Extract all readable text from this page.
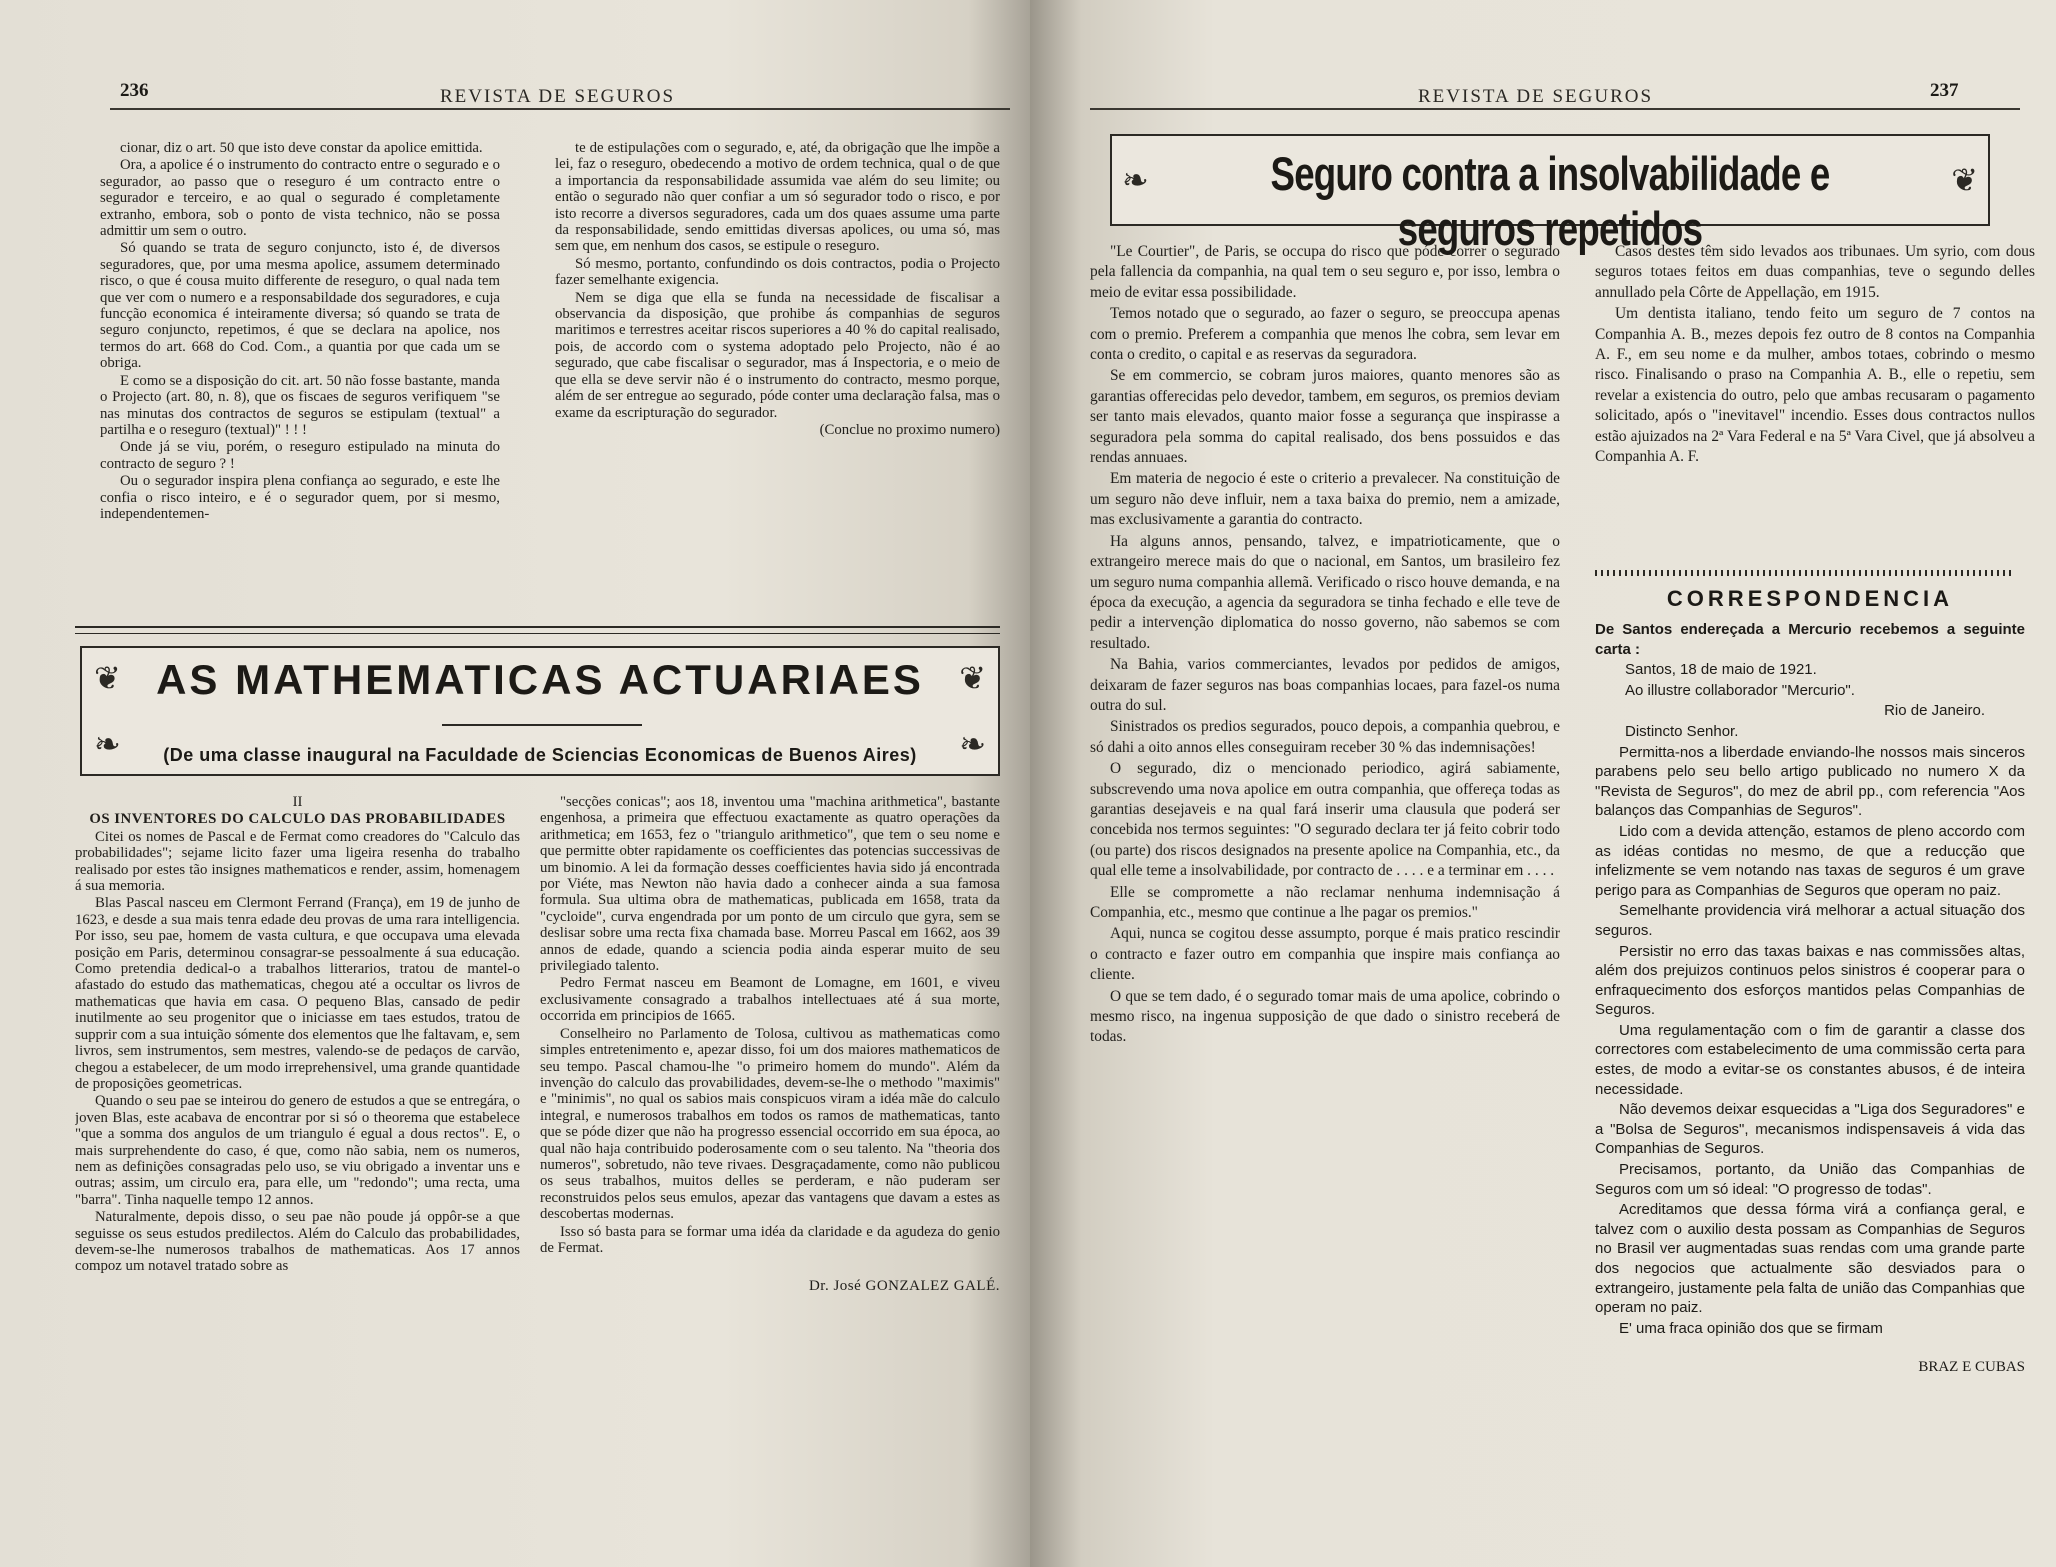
REVISTA DE SEGUROS
236

cionar, diz o art. 50 que isto deve constar da apolice emittida.

Ora, a apolice é o instrumento do contracto entre o segurado e o segurador, ao passo que o reseguro é um contracto entre o segurador e terceiro, e ao qual o segurado é completamente extranho, embora, sob o ponto de vista technico, não se possa admittir um sem o outro.

Só quando se trata de seguro conjuncto, isto é, de diversos seguradores, que, por uma mesma apolice, assumem determinado risco, o que é cousa muito differente de reseguro, o qual nada tem que ver com o numero e a responsabildade dos seguradores, e cuja funcção economica é inteiramente diversa; só quando se trata de seguro conjuncto, repetimos, é que se declara na apolice, nos termos do art. 668 do Cod. Com., a quantia por que cada um se obriga.

E como se a disposição do cit. art. 50 não fosse bastante, manda o Projecto (art. 80, n. 8), que os fiscaes de seguros verifiquem "se nas minutas dos contractos de seguros se estipulam (textual" a partilha e o reseguro (textual)" ! ! !

Onde já se viu, porém, o reseguro estipulado na minuta do contracto de seguro ? !

Ou o segurador inspira plena confiança ao segurado, e este lhe confia o risco inteiro, e é o segurador quem, por si mesmo, independentemen-

te de estipulações com o segurado, e, até, da obrigação que lhe impõe a lei, faz o reseguro, obedecendo a motivo de ordem technica, qual o de que a importancia da responsabilidade assumida vae além do seu limite; ou então o segurado não quer confiar a um só segurador todo o risco, e por isto recorre a diversos seguradores, cada um dos quaes assume uma parte da responsabilidade, sendo emittidas diversas apolices, ou uma só, mas sem que, em nenhum dos casos, se estipule o reseguro.

Só mesmo, portanto, confundindo os dois contractos, podia o Projecto fazer semelhante exigencia.

Nem se diga que ella se funda na necessidade de fiscalisar a observancia da disposição, que prohibe ás companhias de seguros maritimos e terrestres aceitar riscos superiores a 40 % do capital realisado, pois, de accordo com o systema adoptado pelo Projecto, não é ao segurado, que cabe fiscalisar o segurador, mas á Inspectoria, e o meio de que ella se deve servir não é o instrumento do contracto, mesmo porque, além de ser entregue ao segurado, póde conter uma declaração falsa, mas o exame da escripturação do segurador.

(Conclue no proximo numero)

❦
❧
❦
❧
AS MATHEMATICAS ACTUARIAES
(De uma classe inaugural na Faculdade de Sciencias Economicas de Buenos Aires)

II

OS INVENTORES DO CALCULO DAS PROBABILIDADES

Citei os nomes de Pascal e de Fermat como creadores do "Calculo das probabilidades"; sejame licito fazer uma ligeira resenha do trabalho realisado por estes tão insignes mathematicos e render, assim, homenagem á sua memoria.

Blas Pascal nasceu em Clermont Ferrand (França), em 19 de junho de 1623, e desde a sua mais tenra edade deu provas de uma rara intelligencia. Por isso, seu pae, homem de vasta cultura, e que occupava uma elevada posição em Paris, determinou consagrar-se pessoalmente á sua educação. Como pretendia dedical-o a trabalhos litterarios, tratou de mantel-o afastado do estudo das mathematicas, chegou até a occultar os livros de mathematicas que havia em casa. O pequeno Blas, cansado de pedir inutilmente ao seu progenitor que o iniciasse em taes estudos, tratou de supprir com a sua intuição sómente dos elementos que lhe faltavam, e, sem livros, sem instrumentos, sem mestres, valendo-se de pedaços de carvão, chegou a estabelecer, de um modo irreprehensivel, uma grande quantidade de proposições geometricas.

Quando o seu pae se inteirou do genero de estudos a que se entregára, o joven Blas, este acabava de encontrar por si só o theorema que estabelece "que a somma dos angulos de um triangulo é egual a dous rectos". E, o mais surprehendente do caso, é que, como não sabia, nem os numeros, nem as definições consagradas pelo uso, se viu obrigado a inventar uns e outras; assim, um circulo era, para elle, um "redondo"; uma recta, uma "barra". Tinha naquelle tempo 12 annos.

Naturalmente, depois disso, o seu pae não poude já oppôr-se a que seguisse os seus estudos predilectos. Além do Calculo das probabilidades, devem-se-lhe numerosos trabalhos de mathematicas. Aos 17 annos compoz um notavel tratado sobre as

"secções conicas"; aos 18, inventou uma "machina arithmetica", bastante engenhosa, a primeira que effectuou exactamente as quatro operações da arithmetica; em 1653, fez o "triangulo arithmetico", que tem o seu nome e que permitte obter rapidamente os coefficientes das potencias successivas de um binomio. A lei da formação desses coefficientes havia sido já encontrada por Viéte, mas Newton não havia dado a conhecer ainda a sua famosa formula. Sua ultima obra de mathematicas, publicada em 1658, trata da "cycloide", curva engendrada por um ponto de um circulo que gyra, sem se deslisar sobre uma recta fixa chamada base. Morreu Pascal em 1662, aos 39 annos de edade, quando a sciencia podia ainda esperar muito de seu privilegiado talento.

Pedro Fermat nasceu em Beamont de Lomagne, em 1601, e viveu exclusivamente consagrado a trabalhos intellectuaes até á sua morte, occorrida em principios de 1665.

Conselheiro no Parlamento de Tolosa, cultivou as mathematicas como simples entretenimento e, apezar disso, foi um dos maiores mathematicos de seu tempo. Pascal chamou-lhe "o primeiro homem do mundo". Além da invenção do calculo das provabilidades, devem-se-lhe o methodo "maximis" e "minimis", no qual os sabios mais conspicuos viram a idéa mãe do calculo integral, e numerosos trabalhos em todos os ramos de mathematicas, tanto que se póde dizer que não ha progresso essencial occorrido em sua época, ao qual não haja contribuido poderosamente com o seu talento. Na "theoria dos numeros", sobretudo, não teve rivaes. Desgraçadamente, como não publicou os seus trabalhos, muitos delles se perderam, e não puderam ser reconstruidos pelos seus emulos, apezar das vantagens que davam a estes as descobertas modernas.

Isso só basta para se formar uma idéa da claridade e da agudeza do genio de Fermat.

Dr. José GONZALEZ GALÉ.

REVISTA DE SEGUROS	237
❧	❦
Seguro contra a insolvabilidade e seguros repetidos

"Le Courtier", de Paris, se occupa do risco que póde correr o segurado pela fallencia da companhia, na qual tem o seu seguro e, por isso, lembra o meio de evitar essa possibilidade.

Temos notado que o segurado, ao fazer o seguro, se preoccupa apenas com o premio. Preferem a companhia que menos lhe cobra, sem levar em conta o credito, o capital e as reservas da seguradora.

Se em commercio, se cobram juros maiores, quanto menores são as garantias offerecidas pelo devedor, tambem, em seguros, os premios deviam ser tanto mais elevados, quanto maior fosse a segurança que inspirasse a seguradora pela somma do capital realisado, dos bens possuidos e das rendas annuaes.

Em materia de negocio é este o criterio a prevalecer. Na constituição de um seguro não deve influir, nem a taxa baixa do premio, nem a amizade, mas exclusivamente a garantia do contracto.

Ha alguns annos, pensando, talvez, e impatrioticamente, que o extrangeiro merece mais do que o nacional, em Santos, um brasileiro fez um seguro numa companhia allemã. Verificado o risco houve demanda, e na época da execução, a agencia da seguradora se tinha fechado e elle teve de pedir a intervenção diplomatica do nosso governo, não sabemos se com resultado.

Na Bahia, varios commerciantes, levados por pedidos de amigos, deixaram de fazer seguros nas boas companhias locaes, para fazel-os numa outra do sul.

Sinistrados os predios segurados, pouco depois, a companhia quebrou, e só dahi a oito annos elles conseguiram receber 30 % das indemnisações!

O segurado, diz o mencionado periodico, agirá sabiamente, subscrevendo uma nova apolice em outra companhia, que offereça todas as garantias desejaveis e na qual fará inserir uma clausula que poderá ser concebida nos termos seguintes: "O segurado declara ter já feito cobrir todo (ou parte) dos riscos designados na presente apolice na Companhia, etc., da qual elle teme a insolvabilidade, por contracto de . . . . e a terminar em . . . .

Elle se compromette a não reclamar nenhuma indemnisação á Companhia, etc., mesmo que continue a lhe pagar os premios."

Aqui, nunca se cogitou desse assumpto, porque é mais pratico rescindir o contracto e fazer outro em companhia que inspire mais confiança ao cliente.

O que se tem dado, é o segurado tomar mais de uma apolice, cobrindo o mesmo risco, na ingenua supposição de que dado o sinistro receberá de todas.

Casos destes têm sido levados aos tribunaes. Um syrio, com dous seguros totaes feitos em duas companhias, teve o segundo delles annullado pela Côrte de Appellação, em 1915.

Um dentista italiano, tendo feito um seguro de 7 contos na Companhia A. B., mezes depois fez outro de 8 contos na Companhia A. F., em seu nome e da mulher, ambos totaes, cobrindo o mesmo risco. Finalisando o praso na Companhia A. B., elle o repetiu, sem revelar a existencia do outro, pelo que ambas recusaram o pagamento solicitado, após o "inevitavel" incendio. Esses dous contractos nullos estão ajuizados na 2ª Vara Federal e na 5ª Vara Civel, que já absolveu a Companhia A. F.

CORRESPONDENCIA

De Santos endereçada a Mercurio recebemos a seguinte carta :

Santos, 18 de maio de 1921.

Ao illustre collaborador "Mercurio".

Rio de Janeiro.

Distincto Senhor.

Permitta-nos a liberdade enviando-lhe nossos mais sinceros parabens pelo seu bello artigo publicado no numero X da "Revista de Seguros", do mez de abril pp., com referencia "Aos balanços das Companhias de Seguros".

Lido com a devida attenção, estamos de pleno accordo com as idéas contidas no mesmo, de que a reducção que infelizmente se vem notando nas taxas de seguros é um grave perigo para as Companhias de Seguros que operam no paiz.

Semelhante providencia virá melhorar a actual situação dos seguros.

Persistir no erro das taxas baixas e nas commissões altas, além dos prejuizos continuos pelos sinistros é cooperar para o enfraquecimento dos esforços mantidos pelas Companhias de Seguros.

Uma regulamentação com o fim de garantir a classe dos correctores com estabelecimento de uma commissão certa para estes, de modo a evitar-se os constantes abusos, é de inteira necessidade.

Não devemos deixar esquecidas a "Liga dos Seguradores" e a "Bolsa de Seguros", mecanismos indispensaveis á vida das Companhias de Seguros.

Precisamos, portanto, da União das Companhias de Seguros com um só ideal: "O progresso de todas".

Acreditamos que dessa fórma virá a confiança geral, e talvez com o auxilio desta possam as Companhias de Seguros no Brasil ver augmentadas suas rendas com uma grande parte dos negocios que actualmente são desviados para o extrangeiro, justamente pela falta de união das Companhias que operam no paiz.

E' uma fraca opinião dos que se firmam

BRAZ E CUBAS
